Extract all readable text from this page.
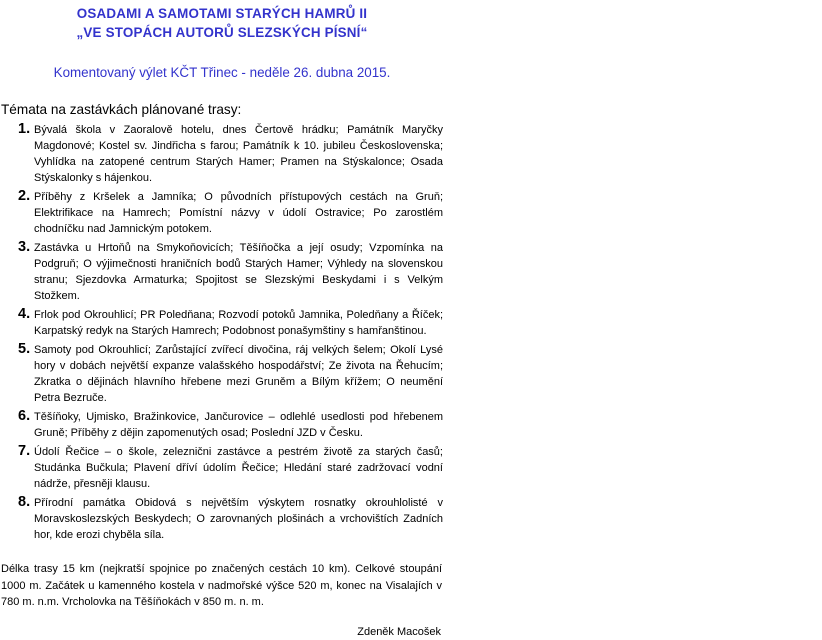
OSADAMI A SAMOTAMI STARÝCH HAMRŮ II
„VE STOPÁCH AUTORŮ SLEZSKÝCH PÍSNÍ“
Komentovaný výlet KČT Třinec - neděle 26. dubna 2015.
Témata na zastávkách plánované trasy:
1. Bývalá škola v Zaoralově hotelu, dnes Čertově hrádku; Památník Maryčky Magdonové; Kostel sv. Jindřicha s farou; Památník k 10. jubileu Československa; Vyhlídka na zatopené centrum Starých Hamer; Pramen na Stýskalonce; Osada Stýskalonky s hájenkou.
2. Příběhy z Kršelek a Jamníka; O původních přístupových cestách na Gruň; Elektrifikace na Hamrech; Pomístní názvy v údolí Ostravice; Po zarostlém chodníčku nad Jamnickým potokem.
3. Zastávka u Hrtoňů na Smykoňovicích; Těšíňočka a její osudy; Vzpomínka na Podgruň; O výjimečnosti hraničních bodů Starých Hamer; Výhledy na slovenskou stranu; Sjezdovka Armaturka; Spojitost se Slezskými Beskydami i s Velkým Stožkem.
4. Frlok pod Okrouhlicí; PR Poledňana; Rozvodí potoků Jamnika, Poledňany a Říček; Karpatský redyk na Starých Hamrech; Podobnost ponašymštiny s hamřanštinou.
5. Samoty pod Okrouhlicí; Zarůstající zvířecí divočina, ráj velkých šelem; Okolí Lysé hory v dobách největší expanze valašského hospodářství; Ze života na Řehucím; Zkratka o dějinách hlavního hřebene mezi Gruněm a Bílým křížem; O neumění Petra Bezruče.
6. Těšíňoky, Ujmisko, Bražinkovice, Jančurovice – odlehlé usedlosti pod hřebenem Gruně; Příběhy z dějin zapomenutých osad; Poslední JZD v Česku.
7. Údolí Řečice – o škole, zeleznični zastávce a pestrém životě za starých časů; Studánka Bučkula; Plavení dříví údolím Řečice; Hledání staré zadržovací vodní nádrže, přesněji klausu.
8. Přírodní památka Obidová s největším výskytem rosnatky okrouhlolisté v Moravskoslezských Beskydech; O zarovnaných plošinách a vrchovištích Zadních hor, kde erozi chyběla síla.
Délka trasy 15 km (nejkratší spojnice po značených cestách 10 km). Celkové stoupání 1000 m. Začátek u kamenného kostela v nadmořské výšce 520 m, konec na Visalajích v 780 m. n.m. Vrcholovka na Těšíňokách v 850 m. n. m.
Zdeněk Macošek
